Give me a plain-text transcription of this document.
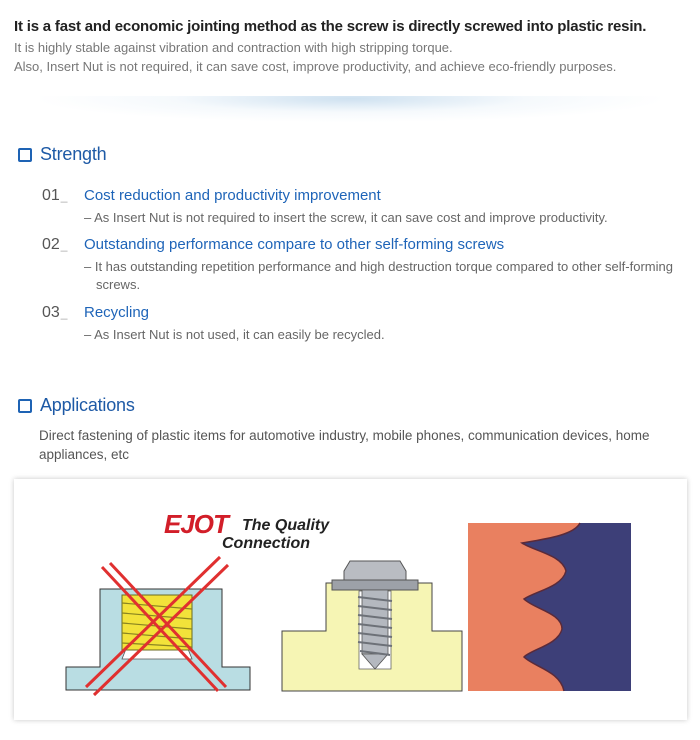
It is a fast and economic jointing method as the screw is directly screwed into plastic resin.
It is highly stable against vibration and contraction with high stripping torque.
Also, Insert Nut is not required, it can save cost, improve productivity, and achieve eco-friendly purposes.
Strength
01_	Cost reduction and productivity improvement
– As Insert Nut is not required to insert the screw, it can save cost and improve productivity.
02_	Outstanding performance compare to other self-forming screws
– It has outstanding repetition performance and high destruction torque compared to other self-forming screws.
03_	Recycling
– As Insert Nut is not used, it can easily be recycled.
Applications
Direct fastening of plastic items for automotive industry, mobile phones, communication devices, home appliances, etc
EJOT The Quality
Connection
